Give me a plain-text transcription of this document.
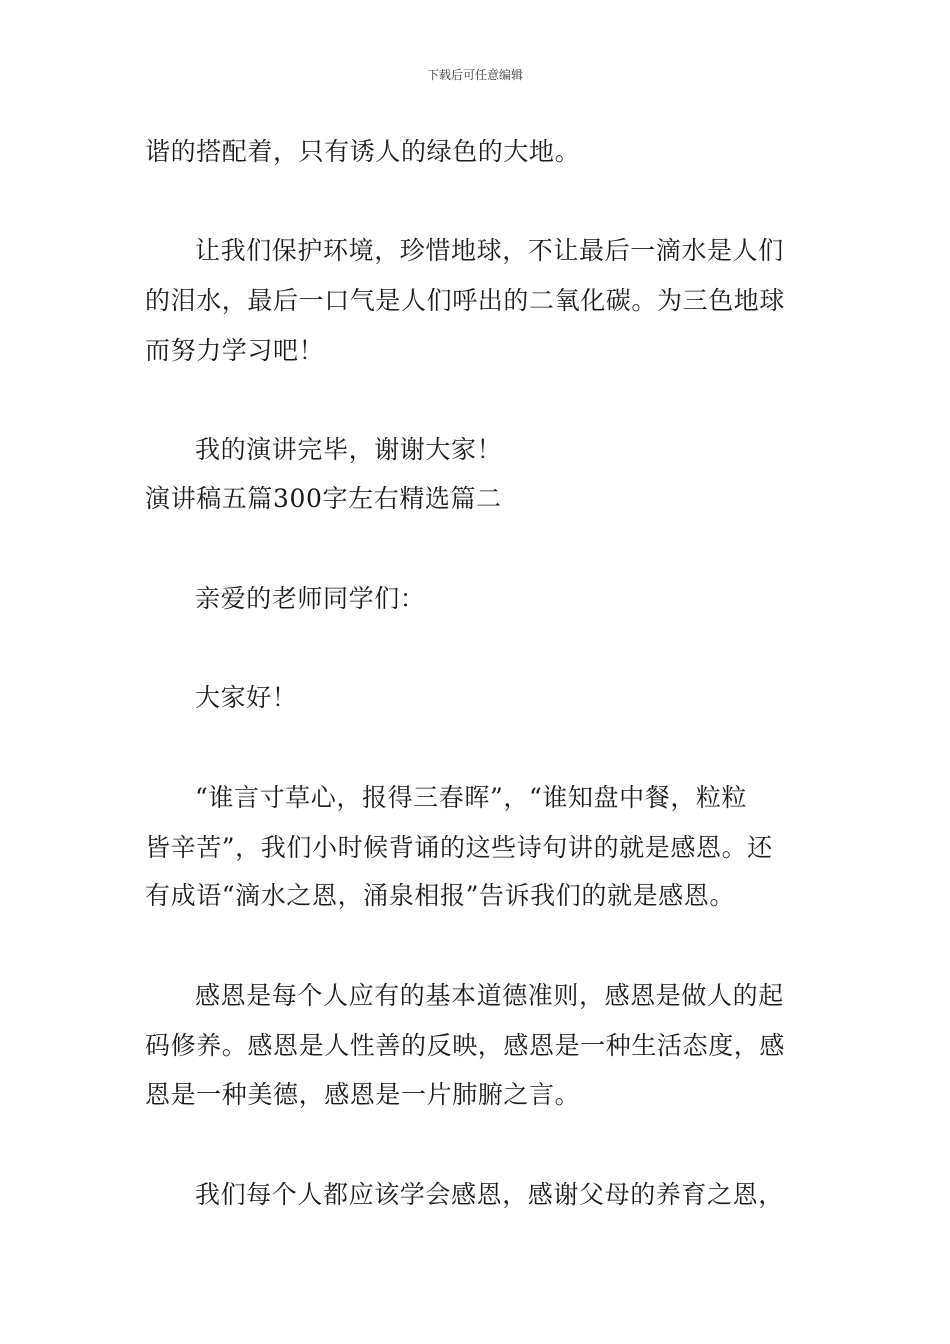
下载后可任意编辑
谐的搭配着，只有诱人的绿色的大地。
让我们保护环境，珍惜地球，不让最后一滴水是人们
的泪水，最后一口气是人们呼出的二氧化碳。为三色地球
而努力学习吧！
我的演讲完毕，谢谢大家！
演讲稿五篇300字左右精选篇二
亲爱的老师同学们：
大家好！
“谁言寸草心，报得三春晖”，“谁知盘中餐，粒粒
皆辛苦”，我们小时候背诵的这些诗句讲的就是感恩。还
有成语“滴水之恩，涌泉相报”告诉我们的就是感恩。
感恩是每个人应有的基本道德准则，感恩是做人的起
码修养。感恩是人性善的反映，感恩是一种生活态度，感
恩是一种美德，感恩是一片肺腑之言。
我们每个人都应该学会感恩，感谢父母的养育之恩，
